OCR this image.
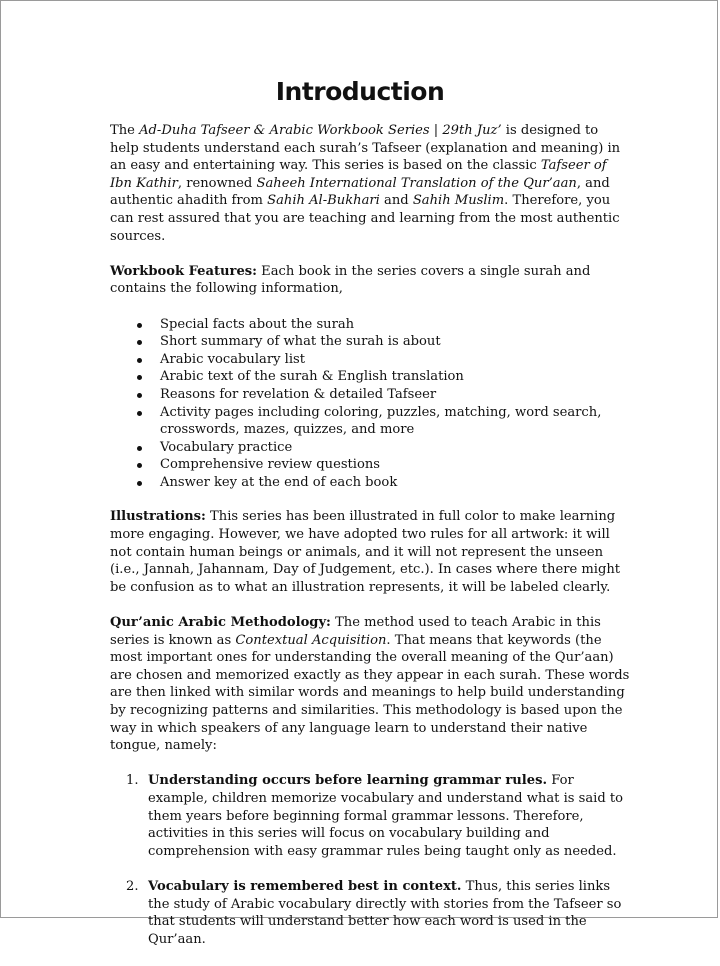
Introduction

The Ad-Duha Tafseer & Arabic Workbook Series | 29th Juz’ is designed to help students understand each surah’s Tafseer (explanation and meaning) in an easy and entertaining way. This series is based on the classic Tafseer of Ibn Kathir, renowned Saheeh International Translation of the Qur’aan, and authentic ahadith from Sahih Al-Bukhari and Sahih Muslim. Therefore, you can rest assured that you are teaching and learning from the most authentic sources.

Workbook Features: Each book in the series covers a single surah and contains the following information,

Special facts about the surah
Short summary of what the surah is about
Arabic vocabulary list
Arabic text of the surah & English translation
Reasons for revelation & detailed Tafseer
Activity pages including coloring, puzzles, matching, word search, crosswords, mazes, quizzes, and more
Vocabulary practice
Comprehensive review questions
Answer key at the end of each book

Illustrations: This series has been illustrated in full color to make learning more engaging. However, we have adopted two rules for all artwork: it will not contain human beings or animals, and it will not represent the unseen (i.e., Jannah, Jahannam, Day of Judgement, etc.). In cases where there might be confusion as to what an illustration represents, it will be labeled clearly.

Qur’anic Arabic Methodology: The method used to teach Arabic in this series is known as Contextual Acquisition. That means that keywords (the most important ones for understanding the overall meaning of the Qur’aan) are chosen and memorized exactly as they appear in each surah. These words are then linked with similar words and meanings to help build understanding by recognizing patterns and similarities. This methodology is based upon the way in which speakers of any language learn to understand their native tongue, namely:

1. Understanding occurs before learning grammar rules. For example, children memorize vocabulary and understand what is said to them years before beginning formal grammar lessons. Therefore, activities in this series will focus on vocabulary building and comprehension with easy grammar rules being taught only as needed.
2. Vocabulary is remembered best in context. Thus, this series links the study of Arabic vocabulary directly with stories from the Tafseer so that students will understand better how each word is used in the Qur’aan.
